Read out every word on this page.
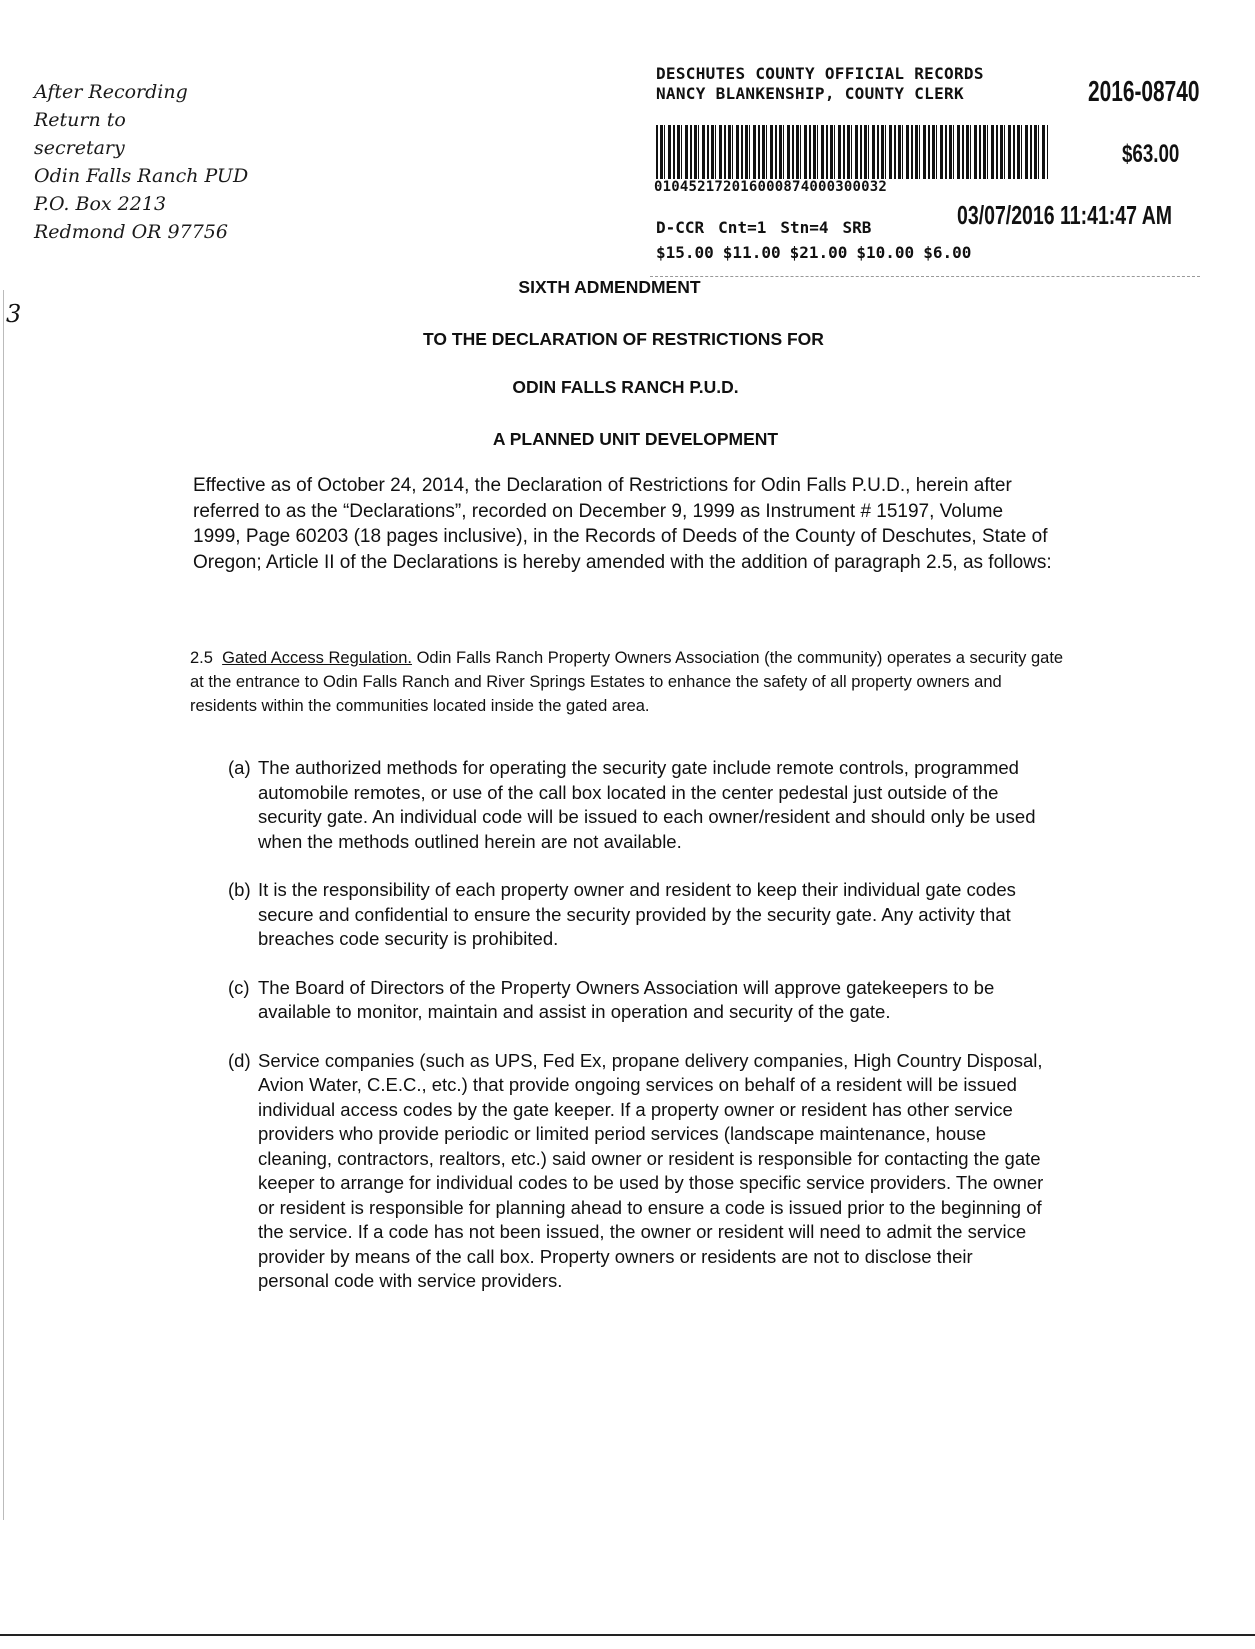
After Recording
Return to
secretary
Odin Falls Ranch PUD
P.O. Box 2213
Redmond OR 97756
3
DESCHUTES COUNTY OFFICIAL RECORDS
NANCY BLANKENSHIP, COUNTY CLERK	2016-08740
$63.00
010452172016000874000300032
03/07/2016 11:41:47 AM
D-CCR Cnt=1 Stn=4 SRB
$15.00 $11.00 $21.00 $10.00 $6.00
SIXTH ADMENDMENT
TO THE DECLARATION OF RESTRICTIONS FOR
ODIN FALLS RANCH P.U.D.
A PLANNED UNIT DEVELOPMENT
Effective as of October 24, 2014, the Declaration of Restrictions for Odin Falls P.U.D., herein after referred to as the “Declarations”, recorded on December 9, 1999 as Instrument # 15197, Volume 1999, Page 60203 (18 pages inclusive), in the Records of Deeds of the County of Deschutes, State of Oregon; Article II of the Declarations is hereby amended with the addition of paragraph 2.5, as follows:
2.5 Gated Access Regulation. Odin Falls Ranch Property Owners Association (the community) operates a security gate at the entrance to Odin Falls Ranch and River Springs Estates to enhance the safety of all property owners and residents within the communities located inside the gated area.
(a) The authorized methods for operating the security gate include remote controls, programmed automobile remotes, or use of the call box located in the center pedestal just outside of the security gate. An individual code will be issued to each owner/resident and should only be used when the methods outlined herein are not available.
(b) It is the responsibility of each property owner and resident to keep their individual gate codes secure and confidential to ensure the security provided by the security gate. Any activity that breaches code security is prohibited.
(c) The Board of Directors of the Property Owners Association will approve gatekeepers to be available to monitor, maintain and assist in operation and security of the gate.
(d) Service companies (such as UPS, Fed Ex, propane delivery companies, High Country Disposal, Avion Water, C.E.C., etc.) that provide ongoing services on behalf of a resident will be issued individual access codes by the gate keeper. If a property owner or resident has other service providers who provide periodic or limited period services (landscape maintenance, house cleaning, contractors, realtors, etc.) said owner or resident is responsible for contacting the gate keeper to arrange for individual codes to be used by those specific service providers. The owner or resident is responsible for planning ahead to ensure a code is issued prior to the beginning of the service. If a code has not been issued, the owner or resident will need to admit the service provider by means of the call box. Property owners or residents are not to disclose their personal code with service providers.
